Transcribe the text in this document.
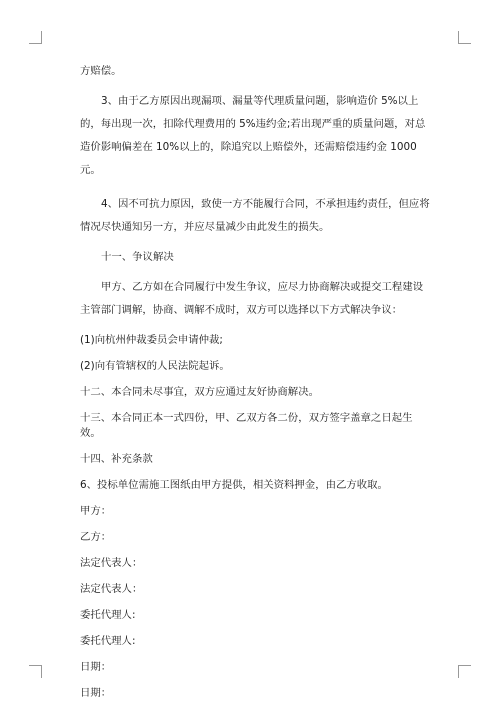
方赔偿。

3、由于乙方原因出现漏项、漏量等代理质量问题，影响造价 5%以上的，每出现一次，扣除代理费用的 5%违约金;若出现严重的质量问题，对总造价影响偏差在 10%以上的，除追究以上赔偿外，还需赔偿违约金 1000 元。

4、因不可抗力原因，致使一方不能履行合同，不承担违约责任，但应将情况尽快通知另一方，并应尽量减少由此发生的损失。

十一、争议解决

甲方、乙方如在合同履行中发生争议，应尽力协商解决或提交工程建设主管部门调解，协商、调解不成时，双方可以选择以下方式解决争议：

(1)向杭州仲裁委员会申请仲裁;

(2)向有管辖权的人民法院起诉。

十二、本合同未尽事宜，双方应通过友好协商解决。

十三、本合同正本一式四份，甲、乙双方各二份，双方签字盖章之日起生效。

十四、补充条款

6、投标单位需施工图纸由甲方提供，相关资料押金，由乙方收取。

甲方：

乙方：

法定代表人：

法定代表人：

委托代理人:

委托代理人:

日期：

日期：
